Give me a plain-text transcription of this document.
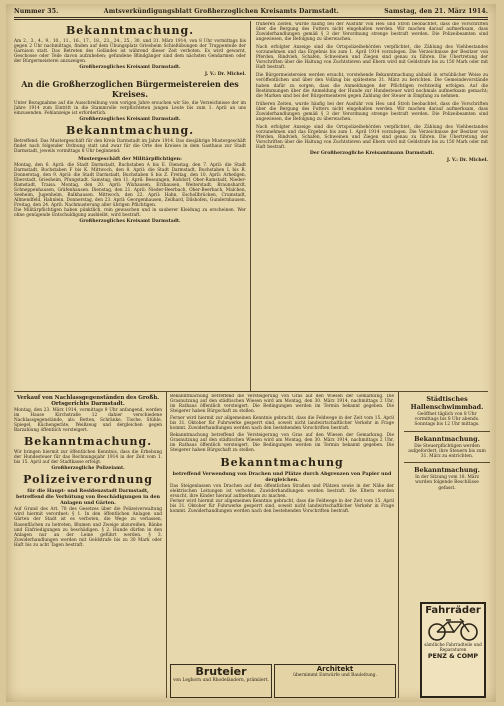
Nummer 35.	Amtsverkündigungsblatt Großherzoglichen Kreisamts Darmstadt.	Samstag, den 21. März 1914.
Bekanntmachung.

Am 2., 3., 4., 9., 10., 11., 16., 17., 18., 23., 24., 25., 30. und 31. März 1914, von 8 Uhr vormittags bis gegen 2 Uhr nachmittags, finden auf dem Übungsplatz Griesheim Schießübungen der Truppenteile der Garnison statt. Das Betreten des Geländes ist während dieser Zeit verboten. Es wird gewarnt, Geschosse oder Teile davon aufzuheben; gefundene Blindgänger sind dem nächsten Gendarmen oder der Bürgermeisterei anzuzeigen.

Großherzogliches Kreisamt Darmstadt.
J. V.: Dr. Michel.
An die Großherzoglichen Bürgermeistereien des Kreises.

Unter Bezugnahme auf die Ausschreibung vom vorigen Jahre ersuchen wir Sie, die Verzeichnisse der im Jahre 1914 zum Eintritt in die Stammrolle verpflichteten jungen Leute bis zum 1. April an uns einzusenden. Fehlanzeige ist erforderlich.

Großherzogliches Kreisamt Darmstadt.
Bekanntmachung.

Betreffend: Das Mustergeschäft für den Kreis Darmstadt im Jahre 1914. Das diesjährige Mustergeschäft findet nach folgender Ordnung statt und zwar für die Orte des Kreises in dem Gasthaus zur Stadt Darmstadt, jeweils vormittags 8 Uhr beginnend:

Mustergeschäft der Militärpflichtigen:

Montag, den 6. April: die Stadt Darmstadt, Buchstaben A bis E. Dienstag, den 7. April: die Stadt Darmstadt, Buchstaben F bis K. Mittwoch, den 8. April: die Stadt Darmstadt, Buchstaben L bis R. Donnerstag, den 9. April: die Stadt Darmstadt, Buchstaben S bis Z. Freitag, den 10. April: Arheilgen, Eberstadt, Griesheim, Pfungstadt. Samstag, den 11. April: Bessungen, Roßdorf, Ober-Ramstadt, Nieder-Ramstadt, Traisa. Montag, den 20. April: Wixhausen, Erzhausen, Weiterstadt, Braunshardt, Schneppenhausen, Gräfenhausen. Dienstag, den 21. April: Nieder-Beerbach, Ober-Beerbach, Malchen, Seeheim, Jugenheim, Balkhausen. Mittwoch, den 22. April: Hahn, Eschollbrücken, Crumstadt, Allmendfeld, Hahnlein. Donnerstag, den 23. April: Georgenhausen, Zeilhard, Dilshofen, Gundernhausen. Freitag, den 24. April: Nachmusterung aller übrigen Pflichtigen.

Die Militärpflichtigen haben pünktlich, rein gewaschen und in sauberer Kleidung zu erscheinen. Wer ohne genügende Entschuldigung ausbleibt, wird bestraft.

Großherzogliches Kreisamt Darmstadt.

früheren Zeiten, wurde häufig bei der Ausfuhr von Heu und Stroh beobachtet, dass die Vorschriften über die Bergung des Futters nicht eingehalten werden. Wir machen darauf aufmerksam, dass Zuwiderhandlungen gemäß § 3 der Verordnung strenge bestraft werden. Die Polizeibeamten sind angewiesen, die Befolgung zu überwachen.

Nach erfolgter Anzeige sind die Ortspolizeibehörden verpflichtet, die Zählung des Viehbestandes vorzunehmen und das Ergebnis bis zum 1. April 1914 vorzulegen. Die Verzeichnisse der Besitzer von Pferden, Rindvieh, Schafen, Schweinen und Ziegen sind genau zu führen. Die Übertretung der Vorschriften über die Haltung von Zuchtstieren und Ebern wird mit Geldstrafe bis zu 150 Mark oder mit Haft bestraft.

Die Bürgermeistereien werden ersucht, vorstehende Bekanntmachung alsbald in ortsüblicher Weise zu veröffentlichen und über den Vollzug bis spätestens 31. März zu berichten. Die Gemeindevorstände haben dafür zu sorgen, dass die Anmeldungen der Pflichtigen rechtzeitig erfolgen. Auf die Bestimmungen über die Anmeldung der Hunde zur Hundesteuer wird nochmals aufmerksam gemacht; die Marken sind bei der Bürgermeisterei gegen Zahlung der Steuer in Empfang zu nehmen.

früheren Zeiten, wurde häufig bei der Ausfuhr von Heu und Stroh beobachtet, dass die Vorschriften über die Bergung des Futters nicht eingehalten werden. Wir machen darauf aufmerksam, dass Zuwiderhandlungen gemäß § 3 der Verordnung strenge bestraft werden. Die Polizeibeamten sind angewiesen, die Befolgung zu überwachen.

Nach erfolgter Anzeige sind die Ortspolizeibehörden verpflichtet, die Zählung des Viehbestandes vorzunehmen und das Ergebnis bis zum 1. April 1914 vorzulegen. Die Verzeichnisse der Besitzer von Pferden, Rindvieh, Schafen, Schweinen und Ziegen sind genau zu führen. Die Übertretung der Vorschriften über die Haltung von Zuchtstieren und Ebern wird mit Geldstrafe bis zu 150 Mark oder mit Haft bestraft.

Der Großherzogliche Kreisamtmann Darmstadt.
J. V.: Dr. Michel.
Verkauf von Nachlassgegenständen des Großh. Ortsgerichts Darmstadt.

Montag, den 23. März 1914, vormittags 9 Uhr anfangend, werden im Hause Kirchstraße 12 dahier verschiedene Nachlassgegenstände, als: Betten, Schränke, Tische, Stühle, Spiegel, Küchengeräte, Weißzeug und dergleichen gegen Barzahlung öffentlich versteigert.

Bekanntmachung.

Wir bringen hiermit zur öffentlichen Kenntnis, dass die Erhebung der Hundesteuer für das Rechnungsjahr 1914 in der Zeit vom 1. bis 15. April auf der Stadtkasse erfolgt.

Großherzogliche Polizeiamt.
Polizeiverordnung
für die Haupt- und Residenzstadt Darmstadt, betreffend die Verhütung von Beschädigungen in den Anlagen und Gärten.

Auf Grund des Art. 78 des Gesetzes über die Polizeiverwaltung wird hiermit verordnet: § 1. In den öffentlichen Anlagen und Gärten der Stadt ist es verboten, die Wege zu verlassen, Rasenflächen zu betreten, Blumen und Zweige abzureißen, Bänke und Einfriedigungen zu beschädigen. § 2. Hunde dürfen in den Anlagen nur an der Leine geführt werden. § 3. Zuwiderhandlungen werden mit Geldstrafe bis zu 30 Mark oder Haft bis zu acht Tagen bestraft.

Bekanntmachung betreffend die Versteigerung von Gras auf den Wiesen der Gemarkung. Die Grasnutzung auf den städtischen Wiesen wird am Montag, den 30. März 1914, nachmittags 2 Uhr, im Rathaus öffentlich versteigert. Die Bedingungen werden im Termin bekannt gegeben. Die Steigerer haben Bürgschaft zu stellen.

Ferner wird hiermit zur allgemeinen Kenntnis gebracht, dass die Feldwege in der Zeit vom 15. April bis 31. Oktober für Fuhrwerke gesperrt sind, soweit nicht landwirtschaftlicher Verkehr in Frage kommt. Zuwiderhandlungen werden nach den bestehenden Vorschriften bestraft.

Bekanntmachung betreffend die Versteigerung von Gras auf den Wiesen der Gemarkung. Die Grasnutzung auf den städtischen Wiesen wird am Montag, den 30. März 1914, nachmittags 2 Uhr, im Rathaus öffentlich versteigert. Die Bedingungen werden im Termin bekannt gegeben. Die Steigerer haben Bürgschaft zu stellen.

Bekanntmachung
betreffend Verwendung von Drachen und Plätze durch Abgrenzen von Papier und dergleichen.

Das Steigenlassen von Drachen auf den öffentlichen Straßen und Plätzen sowie in der Nähe der elektrischen Leitungen ist verboten. Zuwiderhandlungen werden bestraft. Die Eltern werden ersucht, ihre Kinder hierauf aufmerksam zu machen.

Ferner wird hiermit zur allgemeinen Kenntnis gebracht, dass die Feldwege in der Zeit vom 15. April bis 31. Oktober für Fuhrwerke gesperrt sind, soweit nicht landwirtschaftlicher Verkehr in Frage kommt. Zuwiderhandlungen werden nach den bestehenden Vorschriften bestraft.

Bruteier
von Leghorn und Rhodeländern, prämiiert.
Architekt
übernimmt Entwürfe und Bauleitung.
Städtisches Hallenschwimmbad.

Geöffnet täglich von 8 Uhr vormittags bis 8 Uhr abends. Sonntags bis 12 Uhr mittags.

Bekanntmachung.

Die Steuerpflichtigen werden aufgefordert, ihre Steuern bis zum 31. März zu entrichten.

Bekanntmachung.

In der Sitzung vom 18. März wurden folgende Beschlüsse gefasst.

Fahrräder
sämtliche Fahrradteile und Reparaturen
PENZ & COMP
